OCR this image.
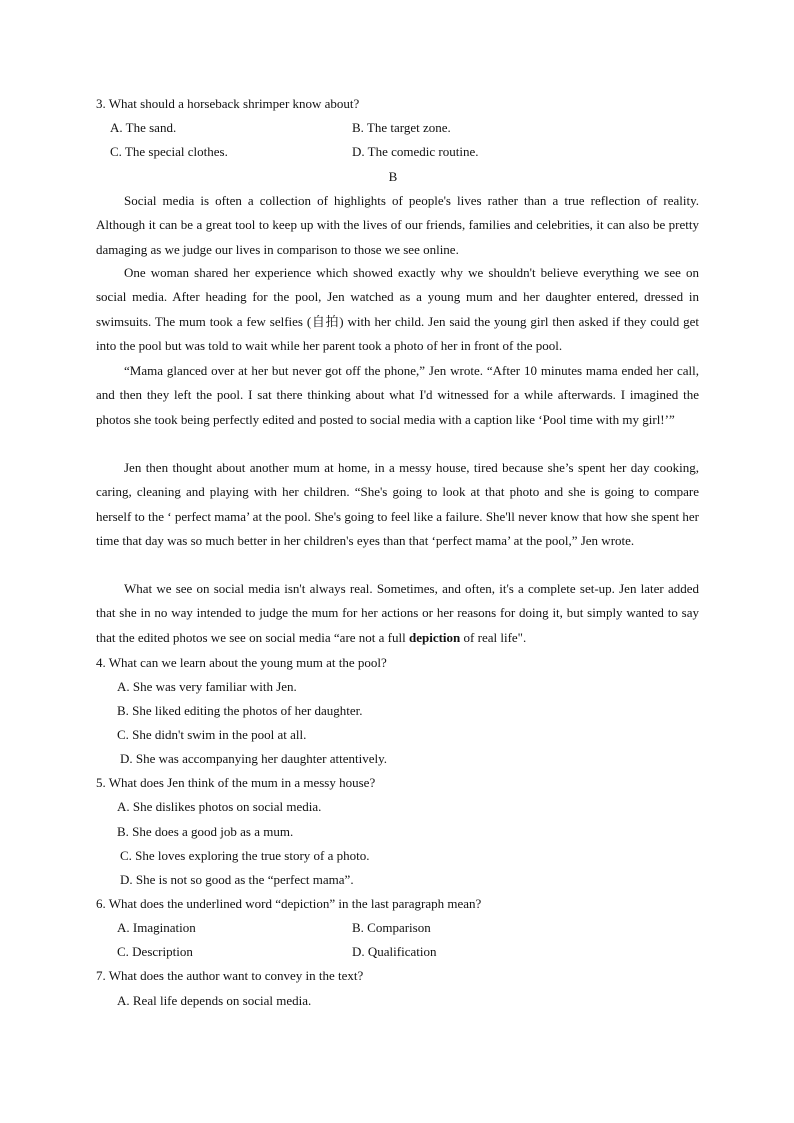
3. What should a horseback shrimper know about?
A. The sand.	B. The target zone.
C. The special clothes.	D. The comedic routine.
B
Social media is often a collection of highlights of people's lives rather than a true reflection of reality. Although it can be a great tool to keep up with the lives of our friends, families and celebrities, it can also be pretty damaging as we judge our lives in comparison to those we see online.
One woman shared her experience which showed exactly why we shouldn't believe everything we see on social media. After heading for the pool, Jen watched as a young mum and her daughter entered, dressed in swimsuits. The mum took a few selfies (自拍) with her child. Jen said the young girl then asked if they could get into the pool but was told to wait while her parent took a photo of her in front of the pool.
“Mama glanced over at her but never got off the phone,” Jen wrote. “After 10 minutes mama ended her call, and then they left the pool. I sat there thinking about what I'd witnessed for a while afterwards. I imagined the photos she took being perfectly edited and posted to social media with a caption like ‘Pool time with my girl!’”
Jen then thought about another mum at home, in a messy house, tired because she’s spent her day cooking, caring, cleaning and playing with her children. “She's going to look at that photo and she is going to compare herself to the ‘ perfect mama’ at the pool. She's going to feel like a failure. She'll never know that how she spent her time that day was so much better in her children's eyes than that ‘perfect mama’ at the pool,” Jen wrote.
What we see on social media isn't always real. Sometimes, and often, it's a complete set-up. Jen later added that she in no way intended to judge the mum for her actions or her reasons for doing it, but simply wanted to say that the edited photos we see on social media “are not a full depiction of real life".
4. What can we learn about the young mum at the pool?
A. She was very familiar with Jen.
B. She liked editing the photos of her daughter.
C. She didn't swim in the pool at all.
D. She was accompanying her daughter attentively.
5. What does Jen think of the mum in a messy house?
A. She dislikes photos on social media.
B. She does a good job as a mum.
C. She loves exploring the true story of a photo.
D. She is not so good as the “perfect mama”.
6. What does the underlined word “depiction” in the last paragraph mean?
A. Imagination	B. Comparison
C. Description	D. Qualification
7. What does the author want to convey in the text?
A. Real life depends on social media.
